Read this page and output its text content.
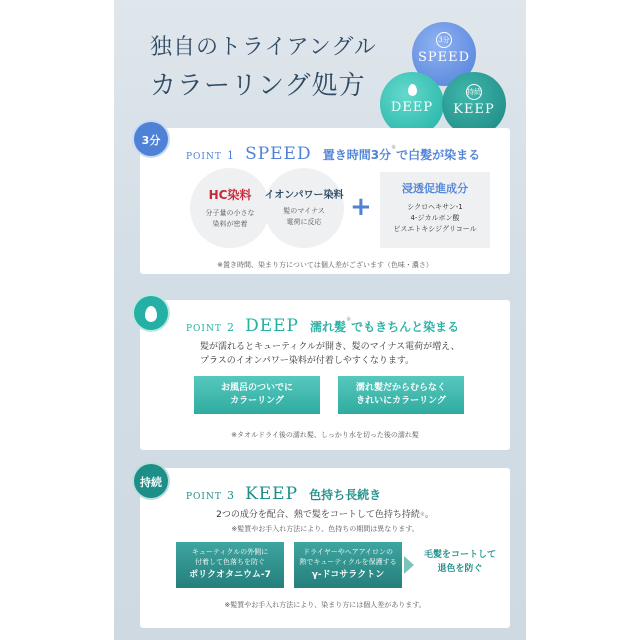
独自のトライアングル
カラーリング処方
3分
SPEED
DEEP
持続
KEEP
3分
POINT 1 SPEED 置き時間3分※で白髪が染まる
HC染料
分子量の小さな
染料が密着
イオンパワー染料
髪のマイナス
電荷に反応	+
浸透促進成分
シクロヘキサン-1
4-ジカルボン酸
ビスエトキシジグリコール
※置き時間、染まり方については個人差がございます（色味・濃さ）
POINT 2 DEEP 濡れ髪※でもきちんと染まる
髪が濡れるとキューティクルが開き、髪のマイナス電荷が増え、
プラスのイオンパワー染料が付着しやすくなります。
お風呂のついでに
カラーリング
濡れ髪だからむらなく
きれいにカラーリング
※タオルドライ後の濡れ髪、しっかり水を切った後の濡れ髪
持続
POINT 3 KEEP 色持ち長続き
2つの成分を配合、熱で髪をコートして色持ち持続※。
※髪質やお手入れ方法により、色持ちの期間は異なります。
キューティクルの外側に
付着して色落ちを防ぐ
ポリクオタニウム-7
ドライヤーやヘアアイロンの
熱でキューティクルを保護する
γ-ドコサラクトン
毛髪をコートして
退色を防ぐ
※髪質やお手入れ方法により、染まり方には個人差があります。
